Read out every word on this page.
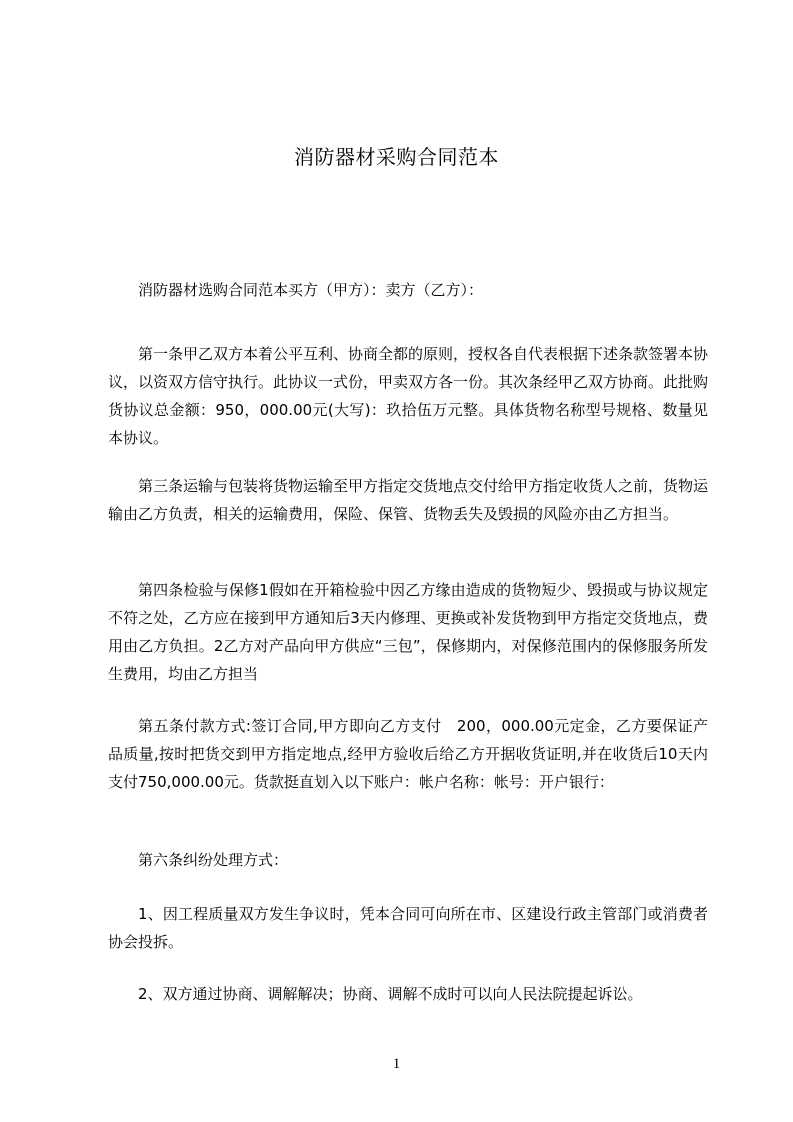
消防器材采购合同范本

消防器材选购合同范本买方（甲方）：卖方（乙方）：

第一条甲乙双方本着公平互利、协商全都的原则，授权各自代表根据下述条款签署本协议，以资双方信守执行。此协议一式份，甲卖双方各一份。其次条经甲乙双方协商。此批购货协议总金额：950，000.00元(大写)：玖拾伍万元整。具体货物名称型号规格、数量见本协议。

第三条运输与包装将货物运输至甲方指定交货地点交付给甲方指定收货人之前，货物运输由乙方负责，相关的运输费用，保险、保管、货物丢失及毁损的风险亦由乙方担当。

第四条检验与保修1假如在开箱检验中因乙方缘由造成的货物短少、毁损或与协议规定不符之处，乙方应在接到甲方通知后3天内修理、更换或补发货物到甲方指定交货地点，费用由乙方负担。2乙方对产品向甲方供应“三包”，保修期内，对保修范围内的保修服务所发生费用，均由乙方担当

第五条付款方式:签订合同,甲方即向乙方支付　200，000.00元定金，乙方要保证产品质量,按时把货交到甲方指定地点,经甲方验收后给乙方开据收货证明,并在收货后10天内支付750,000.00元。货款挺直划入以下账户：帐户名称：帐号：开户银行：

第六条纠纷处理方式：

1、因工程质量双方发生争议时，凭本合同可向所在市、区建设行政主管部门或消费者协会投拆。

2、双方通过协商、调解解决；协商、调解不成时可以向人民法院提起诉讼。

1
